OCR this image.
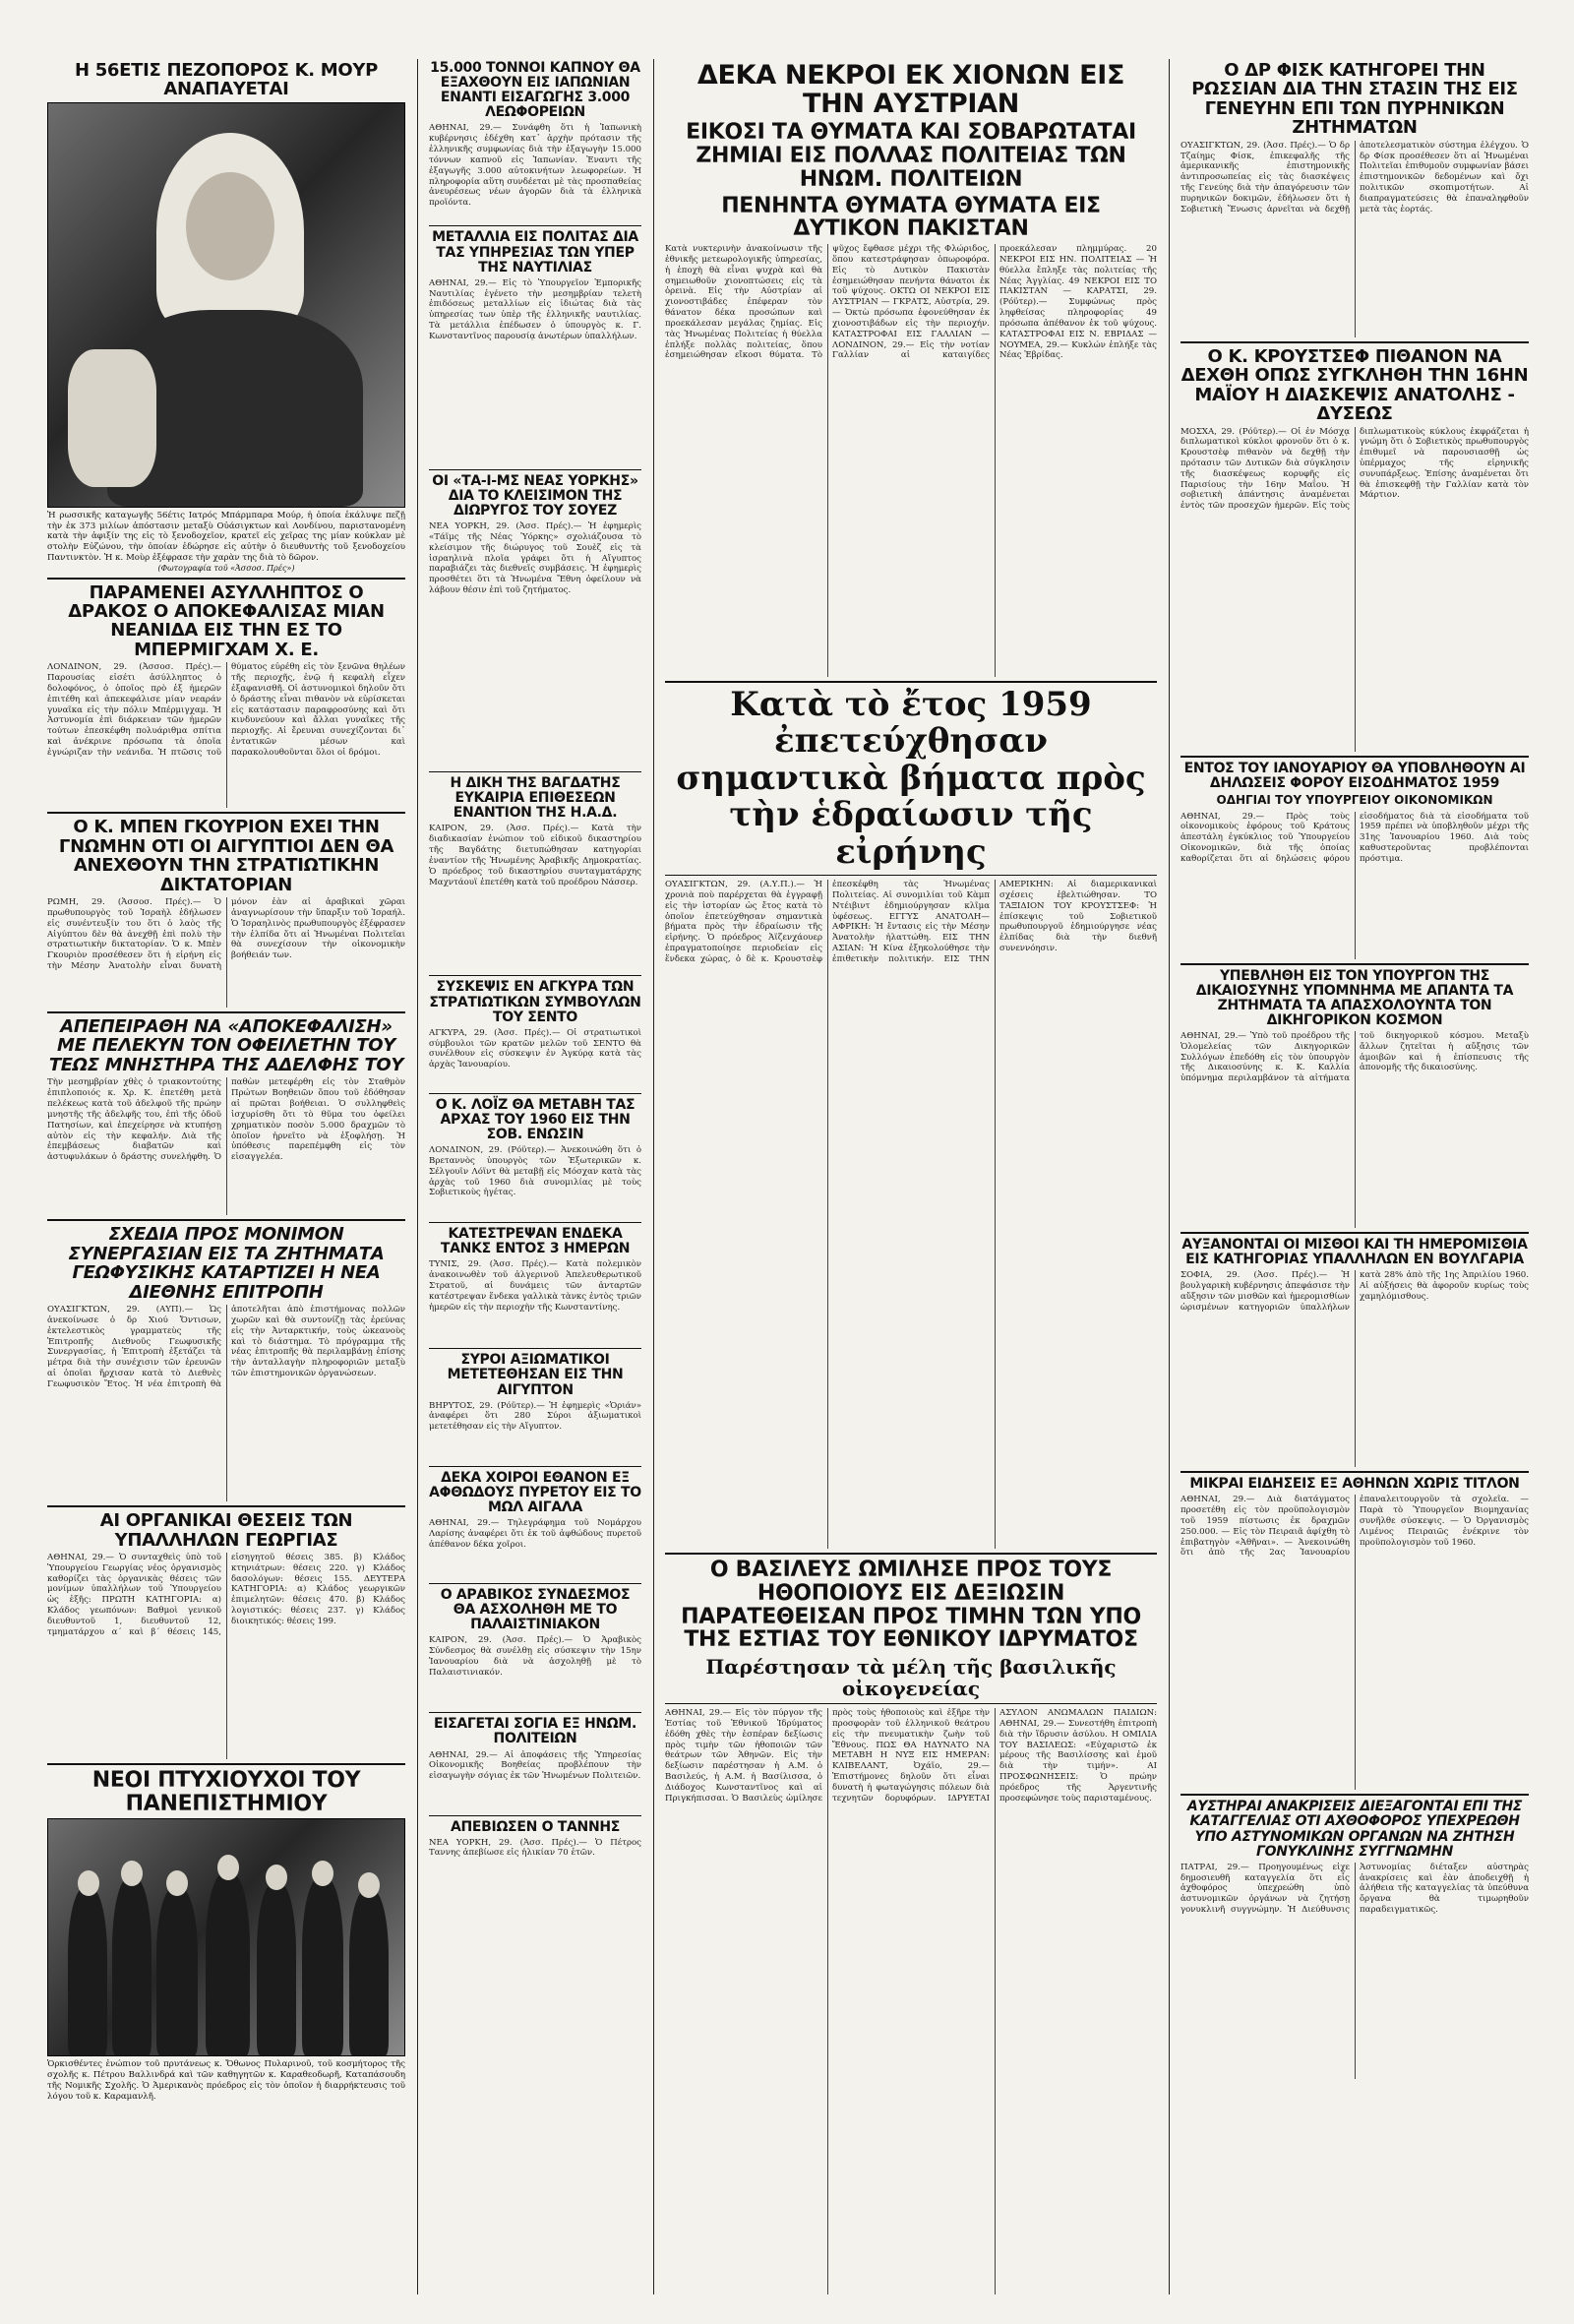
Η 56ΕΤΙΣ ΠΕΖΟΠΟΡΟΣ Κ. ΜΟΥΡ ΑΝΑΠΑΥΕΤΑΙ
Ἡ ρωσσικῆς καταγωγῆς 56έτις Ιατρός Μπάρμπαρα Μούρ, ἡ ὁποία ἐκάλυψε πεζῇ τὴν ἐκ 373 μιλίων ἀπόστασιν μεταξὺ Οὐάσιγκτων καὶ Λονδίνου, παριστανομένη κατὰ τὴν ἀφιξίν της εἰς τὸ ξενοδοχεῖον, κρατεῖ εἰς χεῖρας της μίαν κούκλαν μὲ στολὴν Εὐζώνου, τὴν ὁποίαν ἐδώρησε εἰς αὐτὴν ὁ διευθυντὴς τοῦ ξενοδοχείου Παντινκτὸν. Ἡ κ. Μοὺρ ἐξέφρασε τὴν χαρὰν της διὰ τὸ δῶρον.
(Φωτογραφία τοῦ «Ἀσσοσ. Πρές»)
ΠΑΡΑΜΕΝΕΙ ΑΣΥΛΛΗΠΤΟΣ Ο ΔΡΑΚΟΣ Ο ΑΠΟΚΕΦΑΛΙΣΑΣ ΜΙΑΝ ΝΕΑΝΙΔΑ ΕΙΣ ΤΗΝ ΕΣ ΤΟ ΜΠΕΡΜΙΓΧΑΜ Χ. Ε.
ΛΟΝΔΙΝΟΝ, 29. (Ἀσσοσ. Πρές).— Παρουσίας εἰσέτι ἀσύλληπτος ὁ δολοφόνος, ὁ ὁποῖος πρὸ ἐξ ἡμερῶν ἐπιτέθη καὶ ἀπεκεφάλισε μίαν νεαράν γυναῖκα εἰς τὴν πόλιν Μπέρμιγχαμ. Ἡ Ἀστυνομία ἐπὶ διάρκειαν τῶν ἡμερῶν τούτων ἐπεσκέφθη πολυάριθμα σπίτια καὶ ἀνέκρινε πρόσωπα τὰ ὁποῖα ἐγνώριζαν τὴν νεάνιδα. Ἡ πτῶσις τοῦ θύματος εὑρέθη εἰς τὸν ξενῶνα θηλέων τῆς περιοχῆς, ἐνῷ ἡ κεφαλὴ εἶχεν ἐξαφανισθῆ. Οἱ ἀστυνομικοὶ δηλοῦν ὅτι ὁ δράστης εἶναι πιθανὸν νὰ εὑρίσκεται εἰς κατάστασιν παραφροσύνης καὶ ὅτι κινδυνεύουν καὶ ἄλλαι γυναῖκες τῆς περιοχῆς. Αἱ ἔρευναι συνεχίζονται δι᾽ ἐντατικῶν μέσων καὶ παρακολουθοῦνται ὅλοι οἱ δρόμοι.
Ο Κ. ΜΠΕΝ ΓΚΟΥΡΙΟΝ ΕΧΕΙ ΤΗΝ ΓΝΩΜΗΝ ΟΤΙ ΟΙ ΑΙΓΥΠΤΙΟΙ ΔΕΝ ΘΑ ΑΝΕΧΘΟΥΝ ΤΗΝ ΣΤΡΑΤΙΩΤΙΚΗΝ ΔΙΚΤΑΤΟΡΙΑΝ
ΡΩΜΗ, 29. (Ἀσσοσ. Πρές).— Ὁ πρωθυπουργὸς τοῦ Ἰσραὴλ ἐδήλωσεν εἰς συνέντευξίν του ὅτι ὁ λαὸς τῆς Αἰγύπτου δὲν θὰ ἀνεχθῇ ἐπὶ πολὺ τὴν στρατιωτικὴν δικτατορίαν. Ὁ κ. Μπὲν Γκουριὸν προσέθεσεν ὅτι ἡ εἰρήνη εἰς τὴν Μέσην Ἀνατολὴν εἶναι δυνατὴ μόνον ἐὰν αἱ ἀραβικαὶ χῶραι ἀναγνωρίσουν τὴν ὕπαρξιν τοῦ Ἰσραήλ. Ὁ Ἰσραηλινὸς πρωθυπουργὸς ἐξέφρασεν τὴν ἐλπίδα ὅτι αἱ Ἡνωμέναι Πολιτεῖαι θὰ συνεχίσουν τὴν οἰκονομικὴν βοήθειάν των.
ΑΠΕΠΕΙΡΑΘΗ ΝΑ «ΑΠΟΚΕΦΑΛΙΣΗ» ΜΕ ΠΕΛΕΚΥΝ ΤΟΝ ΟΦΕΙΛΕΤΗΝ ΤΟΥ ΤΕΩΣ ΜΝΗΣΤΗΡΑ ΤΗΣ ΑΔΕΛΦΗΣ ΤΟΥ
Τὴν μεσημβρίαν χθὲς ὁ τριακοντούτης ἐπιπλοποιός κ. Χρ. Κ. ἐπετέθη μετὰ πελέκεως κατὰ τοῦ ἀδελφοῦ τῆς πρώην μνηστῆς τῆς ἀδελφῆς του, ἐπὶ τῆς ὁδοῦ Πατησίων, καὶ ἐπεχείρησε νὰ κτυπήσῃ αὐτὸν εἰς τὴν κεφαλήν. Διὰ τῆς ἐπεμβάσεως διαβατῶν καὶ ἀστυφυλάκων ὁ δράστης συνελήφθη. Ὁ παθὼν μετεφέρθη εἰς τὸν Σταθμὸν Πρώτων Βοηθειῶν ὅπου τοῦ ἐδόθησαν αἱ πρῶται βοήθειαι. Ὁ συλληφθεὶς ἰσχυρίσθη ὅτι τὸ θῦμα του ὀφείλει χρηματικὸν ποσὸν 5.000 δραχμῶν τὸ ὁποῖον ἠρνεῖτο νὰ ἐξοφλήσῃ. Ἡ ὑπόθεσις παρεπέμφθη εἰς τὸν εἰσαγγελέα.
ΣΧΕΔΙΑ ΠΡΟΣ ΜΟΝΙΜΟΝ ΣΥΝΕΡΓΑΣΙΑΝ ΕΙΣ ΤΑ ΖΗΤΗΜΑΤΑ ΓΕΩΦΥΣΙΚΗΣ ΚΑΤΑΡΤΙΖΕΙ Η ΝΕΑ ΔΙΕΘΝΗΣ ΕΠΙΤΡΟΠΗ
ΟΥΑΣΙΓΚΤΩΝ, 29. (ΑΥΠ).— Ὡς ἀνεκοίνωσε ὁ δρ Χιού Ὄντισων, ἐκτελεστικὸς γραμματεὺς τῆς Ἐπιτροπῆς Διεθνοῦς Γεωφυσικῆς Συνεργασίας, ἡ Ἐπιτροπὴ ἐξετάζει τὰ μέτρα διὰ τὴν συνέχισιν τῶν ἐρευνῶν αἱ ὁποῖαι ἤρχισαν κατὰ τὸ Διεθνὲς Γεωφυσικὸν Ἔτος. Ἡ νέα ἐπιτροπὴ θὰ ἀποτελῆται ἀπὸ ἐπιστήμονας πολλῶν χωρῶν καὶ θὰ συντονίζῃ τὰς ἐρεύνας εἰς τὴν Ἀνταρκτικήν, τοὺς ὠκεανοὺς καὶ τὸ διάστημα. Τὸ πρόγραμμα τῆς νέας ἐπιτροπῆς θὰ περιλαμβάνῃ ἐπίσης τὴν ἀνταλλαγὴν πληροφοριῶν μεταξὺ τῶν ἐπιστημονικῶν ὀργανώσεων.
ΑΙ ΟΡΓΑΝΙΚΑΙ ΘΕΣΕΙΣ ΤΩΝ ΥΠΑΛΛΗΛΩΝ ΓΕΩΡΓΙΑΣ
ΑΘΗΝΑΙ, 29.— Ὁ συνταχθεὶς ὑπὸ τοῦ Ὑπουργείου Γεωργίας νέος ὀργανισμὸς καθορίζει τὰς ὀργανικὰς θέσεις τῶν μονίμων ὑπαλλήλων τοῦ Ὑπουργείου ὡς ἑξῆς: ΠΡΩΤΗ ΚΑΤΗΓΟΡΙΑ: α) Κλάδος γεωπόνων: Βαθμοὶ γενικοῦ διευθυντοῦ 1, διευθυντοῦ 12, τμηματάρχου α΄ καὶ β΄ θέσεις 145, εἰσηγητοῦ θέσεις 385. β) Κλάδος κτηνιάτρων: θέσεις 220. γ) Κλάδος δασολόγων: θέσεις 155. ΔΕΥΤΕΡΑ ΚΑΤΗΓΟΡΙΑ: α) Κλάδος γεωργικῶν ἐπιμελητῶν: θέσεις 470. β) Κλάδος λογιστικός: θέσεις 237. γ) Κλάδος διοικητικός: θέσεις 199.
ΝΕΟΙ ΠΤΥΧΙΟΥΧΟΙ ΤΟΥ ΠΑΝΕΠΙΣΤΗΜΙΟΥ
Ὁρκισθέντες ἐνώπιον τοῦ πρυτάνεως κ. Ὄθωνος Πυλαρινοῦ, τοῦ κοσμήτορος τῆς σχολῆς κ. Πέτρου Βαλλινδρά καὶ τῶν καθηγητῶν κ. Καραθεοδωρῆ, Καταπάσουδη τῆς Νομικῆς Σχολῆς. Ὁ Ἀμερικανὸς πρόεδρος εἰς τὸν ὁποῖον ἡ διαρρήκτευσις τοῦ λόγου τοῦ κ. Καραμανλῆ.
15.000 ΤΟΝΝΟΙ ΚΑΠΝΟΥ ΘΑ ΕΞΑΧΘΟΥΝ ΕΙΣ ΙΑΠΩΝΙΑΝ ΕΝΑΝΤΙ ΕΙΣΑΓΩΓΗΣ 3.000 ΛΕΩΦΟΡΕΙΩΝ
ΑΘΗΝΑΙ, 29.— Συνάφθη ὅτι ἡ Ἰαπωνικὴ κυβέρνησις ἐδέχθη κατ᾽ ἀρχὴν πρότασιν τῆς ἑλληνικῆς συμφωνίας διὰ τὴν ἐξαγωγὴν 15.000 τόννων καπνοῦ εἰς Ἰαπωνίαν. Ἐναντι τῆς ἐξαγωγῆς 3.000 αὐτοκινήτων λεωφορείων. Ἡ πληροφορία αὕτη συνδέεται μὲ τὰς προσπαθείας ἀνευρέσεως νέων ἀγορῶν διὰ τὰ ἑλληνικὰ προϊόντα.
ΜΕΤΑΛΛΙΑ ΕΙΣ ΠΟΛΙΤΑΣ ΔΙΑ ΤΑΣ ΥΠΗΡΕΣΙΑΣ ΤΩΝ ΥΠΕΡ ΤΗΣ ΝΑΥΤΙΛΙΑΣ
ΑΘΗΝΑΙ, 29.— Εἰς τὸ Ὑπουργεῖον Ἐμπορικῆς Ναυτιλίας ἐγένετο τὴν μεσημβρίαν τελετὴ ἐπιδόσεως μεταλλίων εἰς ἰδιώτας διὰ τὰς ὑπηρεσίας των ὑπὲρ τῆς ἑλληνικῆς ναυτιλίας. Τὰ μετάλλια ἐπέδωσεν ὁ ὑπουργὸς κ. Γ. Κωνσταντῖνος παρουσίᾳ ἀνωτέρων ὑπαλλήλων.
ΟΙ «ΤΑ-Ι-ΜΣ ΝΕΑΣ ΥΟΡΚΗΣ» ΔΙΑ ΤΟ ΚΛΕΙΣΙΜΟΝ ΤΗΣ ΔΙΩΡΥΓΟΣ ΤΟΥ ΣΟΥΕΖ
ΝΕΑ ΥΟΡΚΗ, 29. (Ἀσσ. Πρές).— Ἡ ἐφημερὶς «Τάϊμς τῆς Νέας Ὑόρκης» σχολιάζουσα τὸ κλείσιμον τῆς διώρυγος τοῦ Σουὲζ εἰς τὰ ἰσραηλινὰ πλοῖα γράφει ὅτι ἡ Αἴγυπτος παραβιάζει τὰς διεθνεῖς συμβάσεις. Ἡ ἐφημερὶς προσθέτει ὅτι τὰ Ἡνωμένα Ἔθνη ὀφείλουν νὰ λάβουν θέσιν ἐπὶ τοῦ ζητήματος.
Η ΔΙΚΗ ΤΗΣ ΒΑΓΔΑΤΗΣ ΕΥΚΑΙΡΙΑ ΕΠΙΘΕΣΕΩΝ ΕΝΑΝΤΙΟΝ ΤΗΣ Η.Α.Δ.
ΚΑΪΡΟΝ, 29. (Ἀσσ. Πρές).— Κατὰ τὴν διαδικασίαν ἐνώπιον τοῦ εἰδικοῦ δικαστηρίου τῆς Βαγδάτης διετυπώθησαν κατηγορίαι ἐναντίον τῆς Ἡνωμένης Ἀραβικῆς Δημοκρατίας. Ὁ πρόεδρος τοῦ δικαστηρίου συνταγματάρχης Μαχντάουϊ ἐπετέθη κατὰ τοῦ προέδρου Νάσσερ.
ΣΥΣΚΕΨΙΣ ΕΝ ΑΓΚΥΡΑ ΤΩΝ ΣΤΡΑΤΙΩΤΙΚΩΝ ΣΥΜΒΟΥΛΩΝ ΤΟΥ ΣΕΝΤΟ
ΑΓΚΥΡΑ, 29. (Ἀσσ. Πρές).— Οἱ στρατιωτικοὶ σύμβουλοι τῶν κρατῶν μελῶν τοῦ ΣΕΝΤΟ θὰ συνέλθουν εἰς σύσκεψιν ἐν Ἀγκύρᾳ κατὰ τὰς ἀρχὰς Ἰανουαρίου.
Ο Κ. ΛΟΪΖ ΘΑ ΜΕΤΑΒΗ ΤΑΣ ΑΡΧΑΣ ΤΟΥ 1960 ΕΙΣ ΤΗΝ ΣΟΒ. ΕΝΩΣΙΝ
ΛΟΝΔΙΝΟΝ, 29. (Ρόϋτερ).— Ἀνεκοινώθη ὅτι ὁ Βρεταννὸς ὑπουργὸς τῶν Ἐξωτερικῶν κ. Σέλγουϊν Λόϊντ θὰ μεταβῇ εἰς Μόσχαν κατὰ τὰς ἀρχὰς τοῦ 1960 διὰ συνομιλίας μὲ τοὺς Σοβιετικοὺς ἡγέτας.
ΚΑΤΕΣΤΡΕΨΑΝ ΕΝΔΕΚΑ ΤΑΝΚΣ ΕΝΤΟΣ 3 ΗΜΕΡΩΝ
ΤΥΝΙΣ, 29. (Ἀσσ. Πρές).— Κατὰ πολεμικὸν ἀνακοινωθὲν τοῦ ἀλγερινοῦ Ἀπελευθερωτικοῦ Στρατοῦ, αἱ δυνάμεις τῶν ἀνταρτῶν κατέστρεψαν ἕνδεκα γαλλικὰ τὰνκς ἐντὸς τριῶν ἡμερῶν εἰς τὴν περιοχὴν τῆς Κωνσταντίνης.
ΣΥΡΟΙ ΑΞΙΩΜΑΤΙΚΟΙ ΜΕΤΕΤΕΘΗΣΑΝ ΕΙΣ ΤΗΝ ΑΙΓΥΠΤΟΝ
ΒΗΡΥΤΟΣ, 29. (Ρόϋτερ).— Ἡ ἐφημερὶς «Ὁριάν» ἀναφέρει ὅτι 280 Σύροι ἀξιωματικοὶ μετετέθησαν εἰς τὴν Αἴγυπτον.
ΔΕΚΑ ΧΟΙΡΟΙ ΕΘΑΝΟΝ ΕΞ ΑΦΘΩΔΟΥΣ ΠΥΡΕΤΟΥ ΕΙΣ ΤΟ ΜΩΛ ΑΙΓΑΛΑ
ΑΘΗΝΑΙ, 29.— Τηλεγράφημα τοῦ Νομάρχου Λαρίσης ἀναφέρει ὅτι ἐκ τοῦ ἀφθώδους πυρετοῦ ἀπέθανον δέκα χοῖροι.
Ο ΑΡΑΒΙΚΟΣ ΣΥΝΔΕΣΜΟΣ ΘΑ ΑΣΧΟΛΗΘΗ ΜΕ ΤΟ ΠΑΛΑΙΣΤΙΝΙΑΚΟΝ
ΚΑΪΡΟΝ, 29. (Ἀσσ. Πρές).— Ὁ Ἀραβικὸς Σύνδεσμος θὰ συνέλθῃ εἰς σύσκεψιν τὴν 15ην Ἰανουαρίου διὰ νὰ ἀσχοληθῇ μὲ τὸ Παλαιστινιακόν.
ΕΙΣΑΓΕΤΑΙ ΣΟΓΙΑ ΕΞ ΗΝΩΜ. ΠΟΛΙΤΕΙΩΝ
ΑΘΗΝΑΙ, 29.— Αἱ ἀποφάσεις τῆς Ὑπηρεσίας Οἰκονομικῆς Βοηθείας προβλέπουν τὴν εἰσαγωγὴν σόγιας ἐκ τῶν Ἡνωμένων Πολιτειῶν.
ΑΠΕΒΙΩΣΕΝ Ο ΤΑΝΝΗΣ
ΝΕΑ ΥΟΡΚΗ, 29. (Ἀσσ. Πρές).— Ὁ Πέτρος Ταννης ἀπεβίωσε εἰς ἡλικίαν 70 ἐτῶν.
ΔΕΚΑ ΝΕΚΡΟΙ ΕΚ ΧΙΟΝΩΝ ΕΙΣ ΤΗΝ ΑΥΣΤΡΙΑΝ
ΕΙΚΟΣΙ ΤΑ ΘΥΜΑΤΑ ΚΑΙ ΣΟΒΑΡΩΤΑΤΑΙ ΖΗΜΙΑΙ ΕΙΣ ΠΟΛΛΑΣ ΠΟΛΙΤΕΙΑΣ ΤΩΝ ΗΝΩΜ. ΠΟΛΙΤΕΙΩΝ
ΠΕΝΗΝΤΑ ΘΥΜΑΤΑ ΘΥΜΑΤΑ ΕΙΣ ΔΥΤΙΚΟΝ ΠΑΚΙΣΤΑΝ
Κατὰ νυκτερινὴν ἀνακοίνωσιν τῆς ἐθνικῆς μετεωρολογικῆς ὑπηρεσίας, ἡ ἐποχὴ θὰ εἶναι ψυχρὰ καὶ θὰ σημειωθοῦν χιονοπτώσεις εἰς τὰ ὀρεινὰ. Εἰς τὴν Αὐστρίαν αἱ χιονοστιβάδες ἐπέφεραν τὸν θάνατον δέκα προσώπων καὶ προεκάλεσαν μεγάλας ζημίας. Εἰς τὰς Ἡνωμένας Πολιτείας ἡ θύελλα ἐπλήξε πολλὰς πολιτείας, ὅπου ἐσημειώθησαν εἴκοσι θύματα. Τὸ ψῦχος ἔφθασε μέχρι τῆς Φλώριδος, ὅπου κατεστράφησαν ὀπωροφόρα. Εἰς τὸ Δυτικὸν Πακιστὰν ἐσημειώθησαν πενήντα θάνατοι ἐκ τοῦ ψύχους. ΟΚΤΩ ΟΙ ΝΕΚΡΟΙ ΕΙΣ ΑΥΣΤΡΙΑΝ — ΓΚΡΑΤΣ, Αὐστρία, 29.— Ὀκτὼ πρόσωπα ἐφονεύθησαν ἐκ χιονοστιβάδων εἰς τὴν περιοχήν. ΚΑΤΑΣΤΡΟΦΑΙ ΕΙΣ ΓΑΛΛΙΑΝ — ΛΟΝΔΙΝΟΝ, 29.— Εἰς τὴν νοτίαν Γαλλίαν αἱ καταιγίδες προεκάλεσαν πλημμύρας. 20 ΝΕΚΡΟΙ ΕΙΣ ΗΝ. ΠΟΛΙΤΕΙΑΣ — Ἡ θύελλα ἔπληξε τὰς πολιτείας τῆς Νέας Ἀγγλίας. 49 ΝΕΚΡΟΙ ΕΙΣ ΤΟ ΠΑΚΙΣΤΑΝ — ΚΑΡΑΤΣΙ, 29. (Ρόϋτερ).— Συμφώνως πρὸς ληφθείσας πληροφορίας 49 πρόσωπα ἀπέθανον ἐκ τοῦ ψύχους. ΚΑΤΑΣΤΡΟΦΑΙ ΕΙΣ Ν. ΕΒΡΙΔΑΣ — ΝΟΥΜΕΑ, 29.— Κυκλών ἐπλήξε τὰς Νέας Ἐβρίδας.
Κατὰ τὸ ἔτος 1959 ἐπετεύχθησαν σημαντικὰ βήματα πρὸς τὴν ἑδραίωσιν τῆς εἰρήνης
ΟΥΑΣΙΓΚΤΩΝ, 29. (Α.Υ.Π.).— Ἡ χρονιὰ ποὺ παρέρχεται θὰ ἐγγραφῇ εἰς τὴν ἱστορίαν ὡς ἔτος κατὰ τὸ ὁποῖον ἐπετεύχθησαν σημαντικὰ βήματα πρὸς τὴν ἑδραίωσιν τῆς εἰρήνης. Ὁ πρόεδρος Ἀϊζενχάουερ ἐπραγματοποίησε περιοδείαν εἰς ἕνδεκα χώρας, ὁ δὲ κ. Κρουστσὲφ ἐπεσκέφθη τὰς Ἡνωμένας Πολιτείας. Αἱ συνομιλίαι τοῦ Κὰμπ Ντέιβιντ ἐδημιούργησαν κλῖμα ὑφέσεως. ΕΓΓΥΣ ΑΝΑΤΟΛΗ—ΑΦΡΙΚΗ: Ἡ ἔντασις εἰς τὴν Μέσην Ἀνατολὴν ἠλαττώθη. ΕΙΣ ΤΗΝ ΑΣΙΑΝ: Ἡ Κίνα ἐξηκολούθησε τὴν ἐπιθετικὴν πολιτικήν. ΕΙΣ ΤΗΝ ΑΜΕΡΙΚΗΝ: Αἱ διαμερικανικαὶ σχέσεις ἐβελτιώθησαν. ΤΟ ΤΑΞΙΔΙΟΝ ΤΟΥ ΚΡΟΥΣΤΣΕΦ: Ἡ ἐπίσκεψις τοῦ Σοβιετικοῦ πρωθυπουργοῦ ἐδημιούργησε νέας ἐλπίδας διὰ τὴν διεθνῆ συνεννόησιν.
Ο ΒΑΣΙΛΕΥΣ ΩΜΙΛΗΣΕ ΠΡΟΣ ΤΟΥΣ ΗΘΟΠΟΙΟΥΣ ΕΙΣ ΔΕΞΙΩΣΙΝ ΠΑΡΑΤΕΘΕΙΣΑΝ ΠΡΟΣ ΤΙΜΗΝ ΤΩΝ ΥΠΟ ΤΗΣ ΕΣΤΙΑΣ ΤΟΥ ΕΘΝΙΚΟΥ ΙΔΡΥΜΑΤΟΣ
Παρέστησαν τὰ μέλη τῆς βασιλικῆς οἰκογενείας
ΑΘΗΝΑΙ, 29.— Εἰς τὸν πύργον τῆς Ἑστίας τοῦ Ἐθνικοῦ Ἱδρύματος ἐδόθη χθὲς τὴν ἑσπέραν δεξίωσις πρὸς τιμὴν τῶν ἠθοποιῶν τῶν θεάτρων τῶν Ἀθηνῶν. Εἰς τὴν δεξίωσιν παρέστησαν ἡ Α.Μ. ὁ Βασιλεύς, ἡ Α.Μ. ἡ Βασίλισσα, ὁ Διάδοχος Κωνσταντῖνος καὶ αἱ Πριγκήπισσαι. Ὁ Βασιλεὺς ὡμίλησε πρὸς τοὺς ἠθοποιοὺς καὶ ἐξῆρε τὴν προσφορὰν τοῦ ἑλληνικοῦ θεάτρου εἰς τὴν πνευματικὴν ζωὴν τοῦ Ἔθνους. ΠΩΣ ΘΑ ΗΔΥΝΑΤΟ ΝΑ ΜΕΤΑΒΗ Η ΝΥΞ ΕΙΣ ΗΜΕΡΑΝ: ΚΛΙΒΕΛΑΝΤ, Ὀχάϊο, 29.— Ἐπιστήμονες δηλοῦν ὅτι εἶναι δυνατὴ ἡ φωταγώγησις πόλεων διὰ τεχνητῶν δορυφόρων. ΙΔΡΥΕΤΑΙ ΑΣΥΛΟΝ ΑΝΩΜΑΛΩΝ ΠΑΙΔΙΩΝ: ΑΘΗΝΑΙ, 29.— Συνεστήθη ἐπιτροπὴ διὰ τὴν ἵδρυσιν ἀσύλου. Η ΟΜΙΛΙΑ ΤΟΥ ΒΑΣΙΛΕΩΣ: «Εὐχαριστῶ ἐκ μέρους τῆς Βασιλίσσης καὶ ἐμοῦ διὰ τὴν τιμήν». ΑΙ ΠΡΟΣΦΩΝΗΣΕΙΣ: Ὁ πρώην πρόεδρος τῆς Ἀργεντινῆς προσεφώνησε τοὺς παρισταμένους.
Ο ΔΡ ΦΙΣΚ ΚΑΤΗΓΟΡΕΙ ΤΗΝ ΡΩΣΣΙΑΝ ΔΙΑ ΤΗΝ ΣΤΑΣΙΝ ΤΗΣ ΕΙΣ ΓΕΝΕΥΗΝ ΕΠΙ ΤΩΝ ΠΥΡΗΝΙΚΩΝ ΖΗΤΗΜΑΤΩΝ
ΟΥΑΣΙΓΚΤΩΝ, 29. (Ἀσσ. Πρές).— Ὁ δρ Τζαίημς Φίσκ, ἐπικεφαλῆς τῆς ἀμερικανικῆς ἐπιστημονικῆς ἀντιπροσωπείας εἰς τὰς διασκέψεις τῆς Γενεύης διὰ τὴν ἀπαγόρευσιν τῶν πυρηνικῶν δοκιμῶν, ἐδήλωσεν ὅτι ἡ Σοβιετικὴ Ἕνωσις ἀρνεῖται νὰ δεχθῇ ἀποτελεσματικὸν σύστημα ἐλέγχου. Ὁ δρ Φίσκ προσέθεσεν ὅτι αἱ Ἡνωμέναι Πολιτεῖαι ἐπιθυμοῦν συμφωνίαν βάσει ἐπιστημονικῶν δεδομένων καὶ ὄχι πολιτικῶν σκοπιμοτήτων. Αἱ διαπραγματεύσεις θὰ ἐπαναληφθοῦν μετὰ τὰς ἑορτάς.
Ο Κ. ΚΡΟΥΣΤΣΕΦ ΠΙΘΑΝΟΝ ΝΑ ΔΕΧΘΗ ΟΠΩΣ ΣΥΓΚΛΗΘΗ ΤΗΝ 16ΗΝ ΜΑΪΟΥ Η ΔΙΑΣΚΕΨΙΣ ΑΝΑΤΟΛΗΣ - ΔΥΣΕΩΣ
ΜΟΣΧΑ, 29. (Ρόϋτερ).— Οἱ ἐν Μόσχᾳ διπλωματικοὶ κύκλοι φρονοῦν ὅτι ὁ κ. Κρουστσὲφ πιθανὸν νὰ δεχθῇ τὴν πρότασιν τῶν Δυτικῶν διὰ σύγκλησιν τῆς διασκέψεως κορυφῆς εἰς Παρισίους τὴν 16ην Μαΐου. Ἡ σοβιετικὴ ἀπάντησις ἀναμένεται ἐντὸς τῶν προσεχῶν ἡμερῶν. Εἰς τοὺς διπλωματικοὺς κύκλους ἐκφράζεται ἡ γνώμη ὅτι ὁ Σοβιετικὸς πρωθυπουργὸς ἐπιθυμεῖ νὰ παρουσιασθῇ ὡς ὑπέρμαχος τῆς εἰρηνικῆς συνυπάρξεως. Ἐπίσης ἀναμένεται ὅτι θὰ ἐπισκεφθῇ τὴν Γαλλίαν κατὰ τὸν Μάρτιον.
ΕΝΤΟΣ ΤΟΥ ΙΑΝΟΥΑΡΙΟΥ ΘΑ ΥΠΟΒΛΗΘΟΥΝ ΑΙ ΔΗΛΩΣΕΙΣ ΦΟΡΟΥ ΕΙΣΟΔΗΜΑΤΟΣ 1959
ΟΔΗΓΙΑΙ ΤΟΥ ΥΠΟΥΡΓΕΙΟΥ ΟΙΚΟΝΟΜΙΚΩΝ
ΑΘΗΝΑΙ, 29.— Πρὸς τοὺς οἰκονομικοὺς ἐφόρους τοῦ Κράτους ἀπεστάλη ἐγκύκλιος τοῦ Ὑπουργείου Οἰκονομικῶν, διὰ τῆς ὁποίας καθορίζεται ὅτι αἱ δηλώσεις φόρου εἰσοδήματος διὰ τὰ εἰσοδήματα τοῦ 1959 πρέπει νὰ ὑποβληθοῦν μέχρι τῆς 31ης Ἰανουαρίου 1960. Διὰ τοὺς καθυστεροῦντας προβλέπονται πρόστιμα.
ΥΠΕΒΛΗΘΗ ΕΙΣ ΤΟΝ ΥΠΟΥΡΓΟΝ ΤΗΣ ΔΙΚΑΙΟΣΥΝΗΣ ΥΠΟΜΝΗΜΑ ΜΕ ΑΠΑΝΤΑ ΤΑ ΖΗΤΗΜΑΤΑ ΤΑ ΑΠΑΣΧΟΛΟΥΝΤΑ ΤΟΝ ΔΙΚΗΓΟΡΙΚΟΝ ΚΟΣΜΟΝ
ΑΘΗΝΑΙ, 29.— Ὑπὸ τοῦ προέδρου τῆς Ὁλομελείας τῶν Δικηγορικῶν Συλλόγων ἐπεδόθη εἰς τὸν ὑπουργὸν τῆς Δικαιοσύνης κ. Κ. Καλλία ὑπόμνημα περιλαμβάνον τὰ αἰτήματα τοῦ δικηγορικοῦ κόσμου. Μεταξὺ ἄλλων ζητεῖται ἡ αὔξησις τῶν ἀμοιβῶν καὶ ἡ ἐπίσπευσις τῆς ἀπονομῆς τῆς δικαιοσύνης.
ΑΥΞΑΝΟΝΤΑΙ ΟΙ ΜΙΣΘΟΙ ΚΑΙ ΤΗ ΗΜΕΡΟΜΙΣΘΙΑ ΕΙΣ ΚΑΤΗΓΟΡΙΑΣ ΥΠΑΛΛΗΛΩΝ ΕΝ ΒΟΥΛΓΑΡΙΑ
ΣΟΦΙΑ, 29. (Ἀσσ. Πρές).— Ἡ βουλγαρικὴ κυβέρνησις ἀπεφάσισε τὴν αὔξησιν τῶν μισθῶν καὶ ἡμερομισθίων ὡρισμένων κατηγοριῶν ὑπαλλήλων κατὰ 28% ἀπὸ τῆς 1ης Ἀπριλίου 1960. Αἱ αὐξήσεις θὰ ἀφοροῦν κυρίως τοὺς χαμηλόμισθους.
ΜΙΚΡΑΙ ΕΙΔΗΣΕΙΣ ΕΞ ΑΘΗΝΩΝ ΧΩΡΙΣ ΤΙΤΛΟΝ
ΑΘΗΝΑΙ, 29.— Διὰ διατάγματος προσετέθη εἰς τὸν προϋπολογισμὸν τοῦ 1959 πίστωσις ἐκ δραχμῶν 250.000. — Εἰς τὸν Πειραιᾶ ἀφίχθη τὸ ἐπιβατηγὸν «Ἀθῆναι». — Ἀνεκοινώθη ὅτι ἀπὸ τῆς 2ας Ἰανουαρίου ἐπαναλειτουργοῦν τὰ σχολεῖα. — Παρὰ τὸ Ὑπουργεῖον Βιομηχανίας συνῆλθε σύσκεψις. — Ὁ Ὀργανισμὸς Λιμένος Πειραιῶς ἐνέκρινε τὸν προϋπολογισμὸν τοῦ 1960.
ΑΥΣΤΗΡΑΙ ΑΝΑΚΡΙΣΕΙΣ ΔΙΕΞΑΓΟΝΤΑΙ ΕΠΙ ΤΗΣ ΚΑΤΑΓΓΕΛΙΑΣ ΟΤΙ ΑΧΘΟΦΟΡΟΣ ΥΠΕΧΡΕΩΘΗ ΥΠΟ ΑΣΤΥΝΟΜΙΚΩΝ ΟΡΓΑΝΩΝ ΝΑ ΖΗΤΗΣΗ ΓΟΝΥΚΛΙΝΗΣ ΣΥΓΓΝΩΜΗΝ
ΠΑΤΡΑΙ, 29.— Προηγουμένως εἶχε δημοσιευθῆ καταγγελία ὅτι εἷς ἀχθοφόρος ὑπεχρεώθη ὑπὸ ἀστυνομικῶν ὀργάνων νὰ ζητήσῃ γονυκλινῆ συγγνώμην. Ἡ Διεύθυνσις Ἀστυνομίας διέταξεν αὐστηρὰς ἀνακρίσεις καὶ ἐὰν ἀποδειχθῇ ἡ ἀλήθεια τῆς καταγγελίας τὰ ὑπεύθυνα ὄργανα θὰ τιμωρηθοῦν παραδειγματικῶς.
